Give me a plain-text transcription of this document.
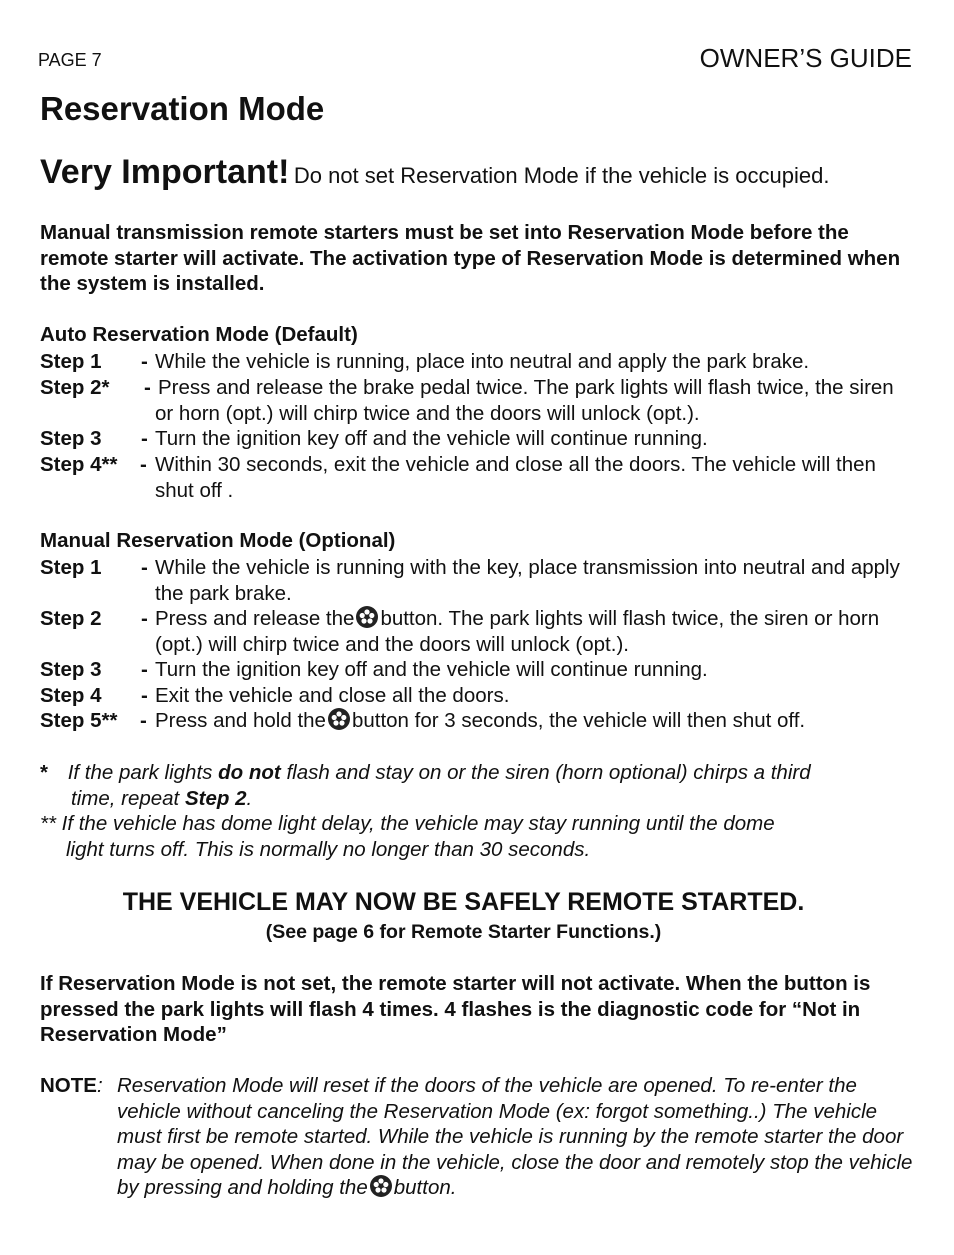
PAGE 7	OWNER’S GUIDE
Reservation Mode
Very Important! Do not set Reservation Mode if the vehicle is occupied.
Manual transmission remote starters must be set into Reservation Mode before the remote starter will activate. The activation type of Reservation Mode is determined when the system is installed.
Auto Reservation Mode (Default)
Step 1 - While the vehicle is running, place into neutral and apply the park brake.
Step 2* - Press and release the brake pedal twice. The park lights will flash twice, the siren or horn (opt.) will chirp twice and the doors will unlock (opt.).
Step 3 - Turn the ignition key off and the vehicle will continue running.
Step 4** - Within 30 seconds, exit the vehicle and close all the doors. The vehicle will then shut off .
Manual Reservation Mode (Optional)
Step 1 - While the vehicle is running with the key, place transmission into neutral and apply the park brake.
Step 2 - Press and release the button. The park lights will flash twice, the siren or horn (opt.) will chirp twice and the doors will unlock (opt.).
Step 3 - Turn the ignition key off and the vehicle will continue running.
Step 4 - Exit the vehicle and close all the doors.
Step 5** - Press and hold the button for 3 seconds, the vehicle will then shut off.
* If the park lights do not flash and stay on or the siren (horn optional) chirps a third
time, repeat Step 2.
** If the vehicle has dome light delay, the vehicle may stay running until the dome
light turns off. This is normally no longer than 30 seconds.
THE VEHICLE MAY NOW BE SAFELY REMOTE STARTED.
(See page 6 for Remote Starter Functions.)
If Reservation Mode is not set, the remote starter will not activate. When the button is pressed the park lights will flash 4 times. 4 flashes is the diagnostic code for “Not in Reservation Mode”
NOTE: Reservation Mode will reset if the doors of the vehicle are opened. To re-enter the vehicle without canceling the Reservation Mode (ex: forgot something..) The vehicle must first be remote started. While the vehicle is running by the remote starter the door may be opened. When done in the vehicle, close the door and remotely stop the vehicle by pressing and holding the button.
